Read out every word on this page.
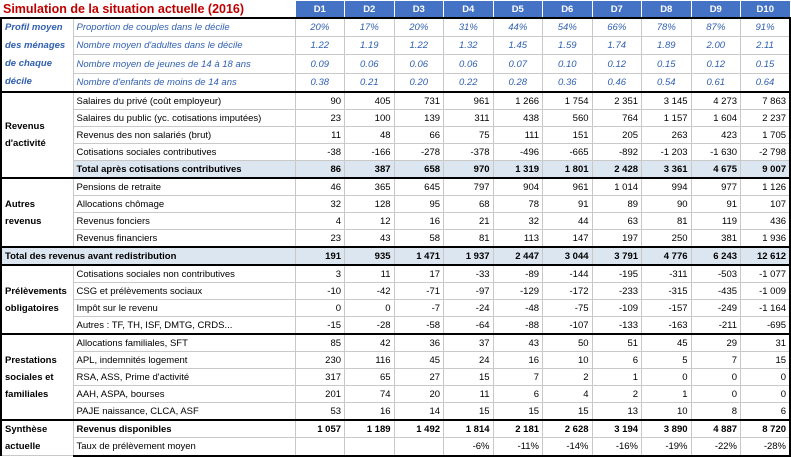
Simulation de la situation actuelle (2016)		D1	D2	D3	D4	D5	D6	D7	D8	D9	D10
Profil moyen des ménages de chaque décile	Proportion de couples dans le décile	20%	17%	20%	31%	44%	54%	66%	78%	87%	91%
	Nombre moyen d'adultes dans le décile	1.22	1.19	1.22	1.32	1.45	1.59	1.74	1.89	2.00	2.11
	Nombre moyen de jeunes de 14 à 18 ans	0.09	0.06	0.06	0.06	0.07	0.10	0.12	0.15	0.12	0.15
	Nombre d'enfants de moins de 14 ans	0.38	0.21	0.20	0.22	0.28	0.36	0.46	0.54	0.61	0.64
Revenus d'activité	Salaires du privé (coût employeur)	90	405	731	961	1 266	1 754	2 351	3 145	4 273	7 863
	Salaires du public (yc. cotisations imputées)	23	100	139	311	438	560	764	1 157	1 604	2 237
	Revenus des non salariés (brut)	11	48	66	75	111	151	205	263	423	1 705
	Cotisations sociales contributives	-38	-166	-278	-378	-496	-665	-892	-1 203	-1 630	-2 798
	Total après cotisations contributives	86	387	658	970	1 319	1 801	2 428	3 361	4 675	9 007
Autres revenus	Pensions de retraite	46	365	645	797	904	961	1 014	994	977	1 126
	Allocations chômage	32	128	95	68	78	91	89	90	91	107
	Revenus fonciers	4	12	16	21	32	44	63	81	119	436
	Revenus financiers	23	43	58	81	113	147	197	250	381	1 936
Total des revenus avant redistribution		191	935	1 471	1 937	2 447	3 044	3 791	4 776	6 243	12 612
Prélèvements obligatoires	Cotisations sociales non contributives	3	11	17	-33	-89	-144	-195	-311	-503	-1 077
	CSG et prélèvements sociaux	-10	-42	-71	-97	-129	-172	-233	-315	-435	-1 009
	Impôt sur le revenu	0	0	-7	-24	-48	-75	-109	-157	-249	-1 164
	Autres : TF, TH, ISF, DMTG, CRDS...	-15	-28	-58	-64	-88	-107	-133	-163	-211	-695
Prestations sociales et familiales	Allocations familiales, SFT	85	42	36	37	43	50	51	45	29	31
	APL, indemnités logement	230	116	45	24	16	10	6	5	7	15
	RSA, ASS, Prime d'activité	317	65	27	15	7	2	1	0	0	0
	AAH, ASPA, bourses	201	74	20	11	6	4	2	1	0	0
	PAJE naissance, CLCA, ASF	53	16	14	15	15	15	13	10	8	6
Synthèse actuelle	Revenus disponibles	1 057	1 189	1 492	1 814	2 181	2 628	3 194	3 890	4 887	8 720
	Taux de prélèvement moyen				-6%	-11%	-14%	-16%	-19%	-22%	-28%
